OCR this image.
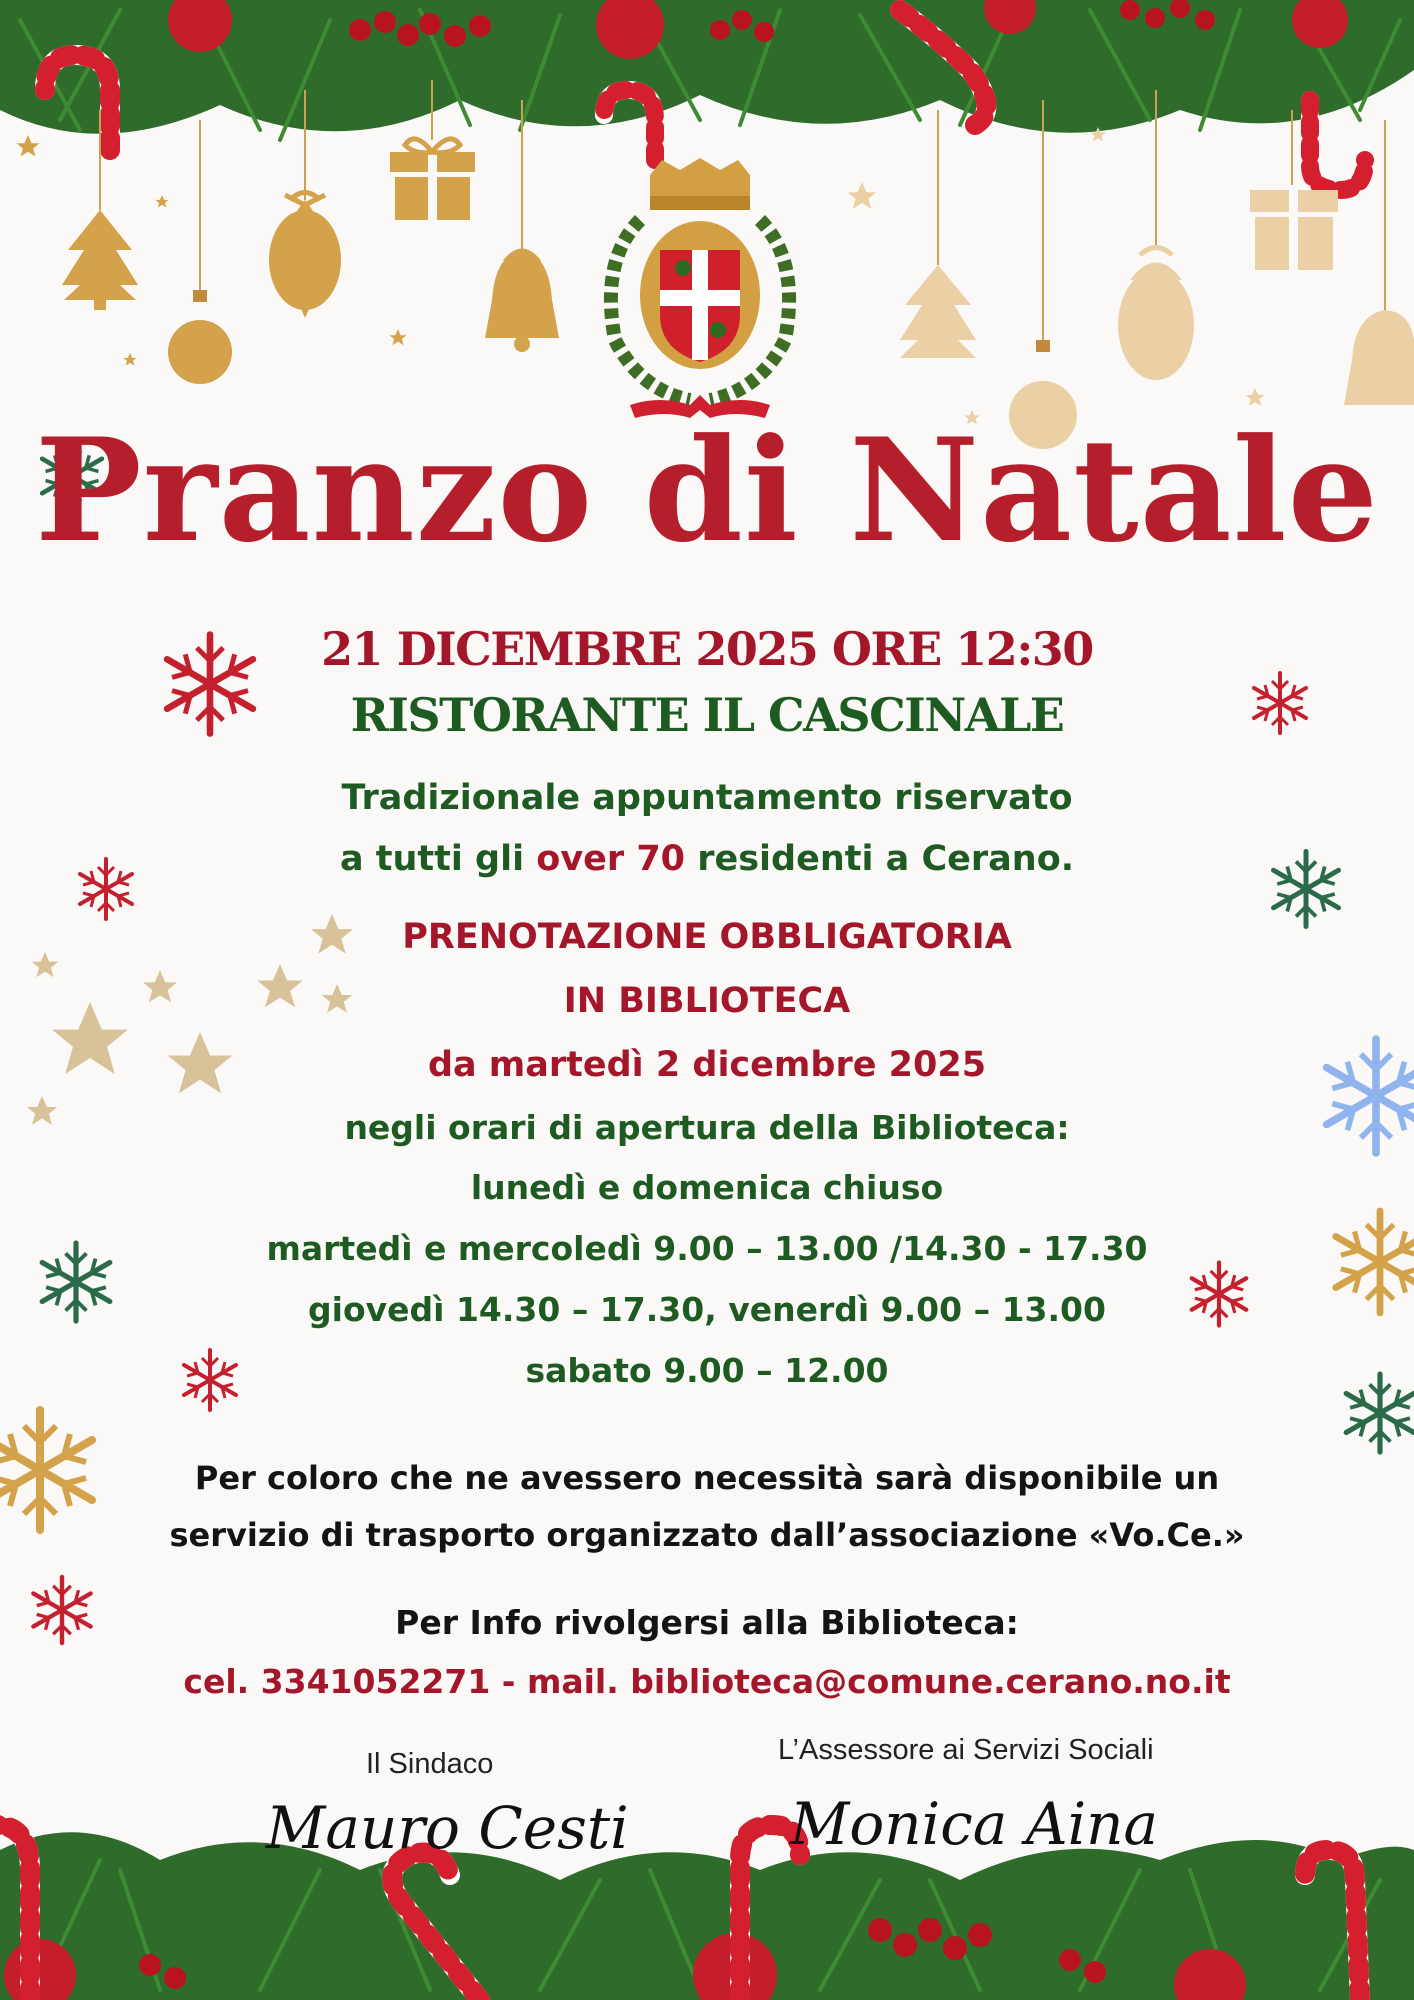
Pranzo di Natale
21 DICEMBRE 2025 ORE 12:30
RISTORANTE IL CASCINALE
Tradizionale appuntamento riservato
a tutti gli over 70 residenti a Cerano.
PRENOTAZIONE OBBLIGATORIA
IN BIBLIOTECA
da martedì 2 dicembre 2025
negli orari di apertura della Biblioteca:
lunedì e domenica chiuso
martedì e mercoledì 9.00 – 13.00 /14.30 - 17.30
giovedì 14.30 – 17.30, venerdì 9.00 – 13.00
sabato 9.00 – 12.00
Per coloro che ne avessero necessità sarà disponibile un
servizio di trasporto organizzato dall’associazione «Vo.Ce.»
Per Info rivolgersi alla Biblioteca:
cel. 3341052271 - mail. biblioteca@comune.cerano.no.it
Il Sindaco
Mauro Cesti
L’Assessore ai Servizi Sociali
Monica Aina
